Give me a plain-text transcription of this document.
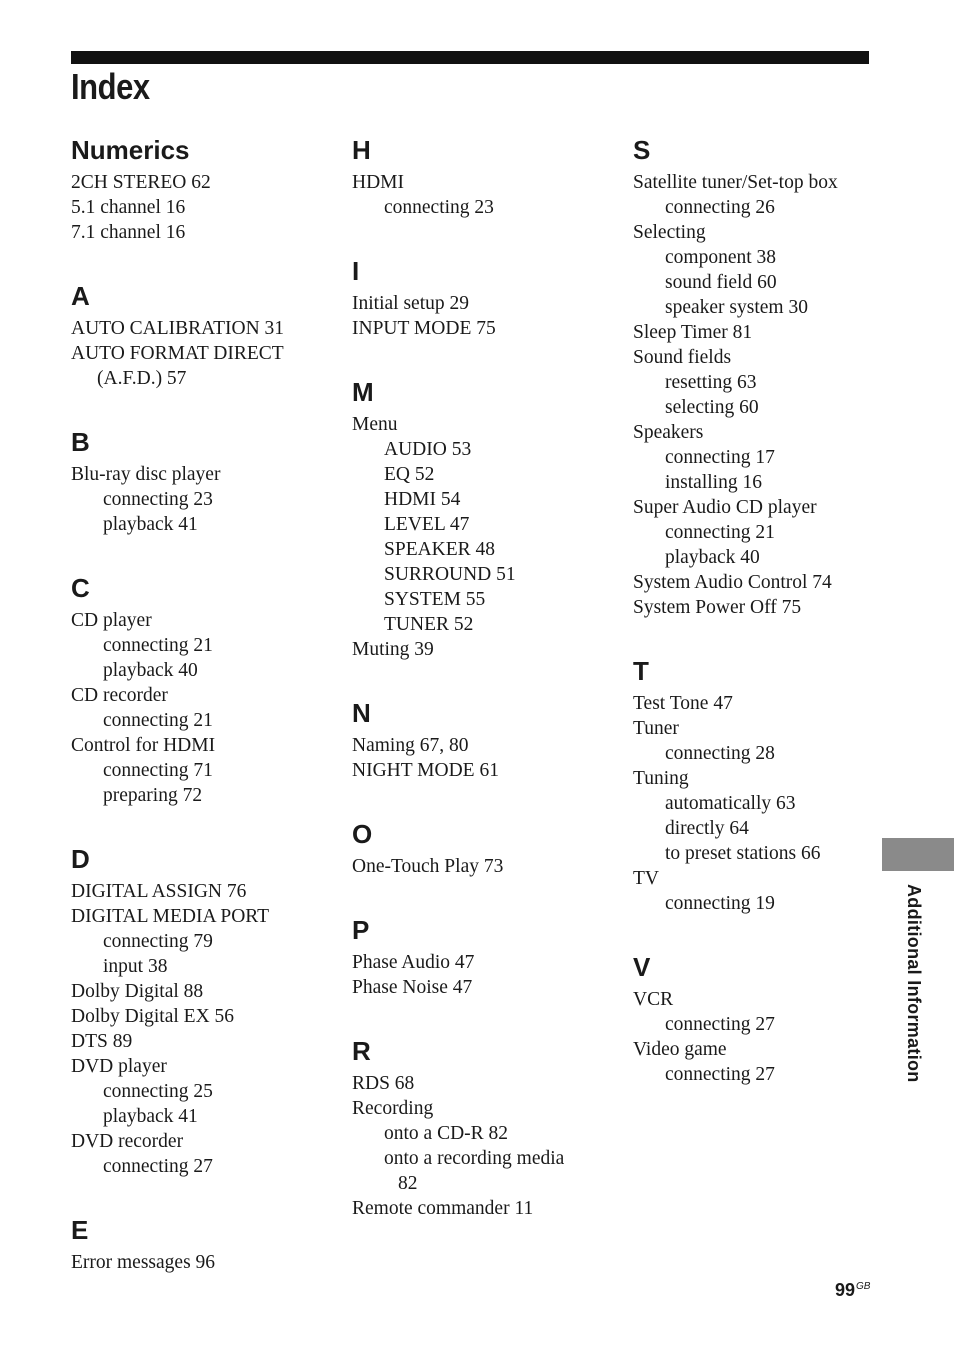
Index
Numerics
2CH STEREO 62
5.1 channel 16
7.1 channel 16
A
AUTO CALIBRATION 31
AUTO FORMAT DIRECT
(A.F.D.) 57
B
Blu-ray disc player
connecting 23
playback 41
C
CD player
connecting 21
playback 40
CD recorder
connecting 21
Control for HDMI
connecting 71
preparing 72
D
DIGITAL ASSIGN 76
DIGITAL MEDIA PORT
connecting 79
input 38
Dolby Digital 88
Dolby Digital EX 56
DTS 89
DVD player
connecting 25
playback 41
DVD recorder
connecting 27
E
Error messages 96
H
HDMI
connecting 23
I
Initial setup 29
INPUT MODE 75
M
Menu
AUDIO 53
EQ 52
HDMI 54
LEVEL 47
SPEAKER 48
SURROUND 51
SYSTEM 55
TUNER 52
Muting 39
N
Naming 67, 80
NIGHT MODE 61
O
One-Touch Play 73
P
Phase Audio 47
Phase Noise 47
R
RDS 68
Recording
onto a CD-R 82
onto a recording media
82
Remote commander 11
S
Satellite tuner/Set-top box
connecting 26
Selecting
component 38
sound field 60
speaker system 30
Sleep Timer 81
Sound fields
resetting 63
selecting 60
Speakers
connecting 17
installing 16
Super Audio CD player
connecting 21
playback 40
System Audio Control 74
System Power Off 75
T
Test Tone 47
Tuner
connecting 28
Tuning
automatically 63
directly 64
to preset stations 66
TV
connecting 19
V
VCR
connecting 27
Video game
connecting 27	Additional Information
$99^{GB}$
